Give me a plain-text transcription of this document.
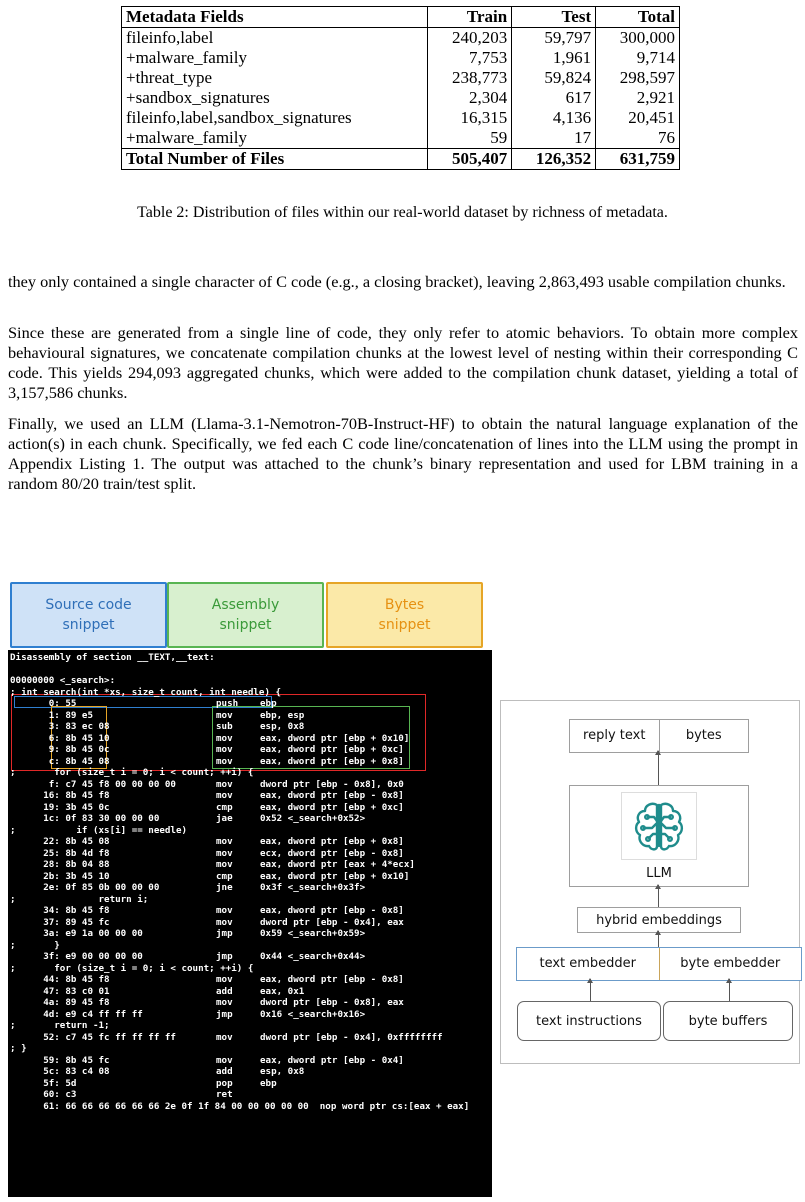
Metadata Fields	Train	Test	Total
fileinfo,label	240,203	59,797	300,000
+malware_family	7,753	1,961	9,714
+threat_type	238,773	59,824	298,597
+sandbox_signatures	2,304	617	2,921
fileinfo,label,sandbox_signatures	16,315	4,136	20,451
+malware_family	59	17	76
Total Number of Files	505,407	126,352	631,759
Table 2: Distribution of files within our real-world dataset by richness of metadata.

they only contained a single character of C code (e.g., a closing bracket), leaving 2,863,493 usable compilation chunks.

Since these are generated from a single line of code, they only refer to atomic behaviors. To obtain more complex behavioural signatures, we concatenate compilation chunks at the lowest level of nesting within their corresponding C code. This yields 294,093 aggregated chunks, which were added to the compilation chunk dataset, yielding a total of 3,157,586 chunks.

Finally, we used an LLM (Llama-3.1-Nemotron-70B-Instruct-HF) to obtain the natural language explanation of the action(s) in each chunk. Specifically, we fed each C code line/concatenation of lines into the LLM using the prompt in Appendix Listing 1. The output was attached to the chunk’s binary representation and used for LBM training in a random 80/20 train/test split.

Source code
snippet
Assembly
snippet
Bytes
snippet
Disassembly of section __TEXT,__text:
00000000 <_search>:
; int search(int *xs, size_t count, int needle) {
0: 55	push ebp
1: 89 e5	mov	ebp, esp
3: 83 ec 08	sub	esp, 0x8
6: 8b 45 10	mov	eax, dword ptr [ebp + 0x10]
9: 8b 45 0c	mov	eax, dword ptr [ebp + 0xc]
c: 8b 45 08	mov	eax, dword ptr [ebp + 0x8]
;       for (size_t i = 0; i < count; ++i) {
f: c7 45 f8 00 00 00 00	mov	dword ptr [ebp - 0x8], 0x0
16: 8b 45 f8	mov	eax, dword ptr [ebp - 0x8]
19: 3b 45 0c	cmp	eax, dword ptr [ebp + 0xc]
1c: 0f 83 30 00 00 00	jae	0x52 <_search+0x52>
;           if (xs[i] == needle)
22: 8b 45 08	mov	eax, dword ptr [ebp + 0x8]
25: 8b 4d f8	mov	ecx, dword ptr [ebp - 0x8]
28: 8b 04 88	mov	eax, dword ptr [eax + 4*ecx]
2b: 3b 45 10	cmp	eax, dword ptr [ebp + 0x10]
2e: 0f 85 0b 00 00 00	jne	0x3f <_search+0x3f>
;               return i;
34: 8b 45 f8	mov	eax, dword ptr [ebp - 0x8]
37: 89 45 fc	mov	dword ptr [ebp - 0x4], eax
3a: e9 1a 00 00 00	jmp	0x59 <_search+0x59>
;       }
3f: e9 00 00 00 00	jmp	0x44 <_search+0x44>
;       for (size_t i = 0; i < count; ++i) {
44: 8b 45 f8	mov	eax, dword ptr [ebp - 0x8]
47: 83 c0 01	add	eax, 0x1
4a: 89 45 f8	mov	dword ptr [ebp - 0x8], eax
4d: e9 c4 ff ff ff	jmp	0x16 <_search+0x16>
;       return -1;
52: c7 45 fc ff ff ff ff	mov	dword ptr [ebp - 0x4], 0xffffffff
; }
59: 8b 45 fc	mov	eax, dword ptr [ebp - 0x4]
5c: 83 c4 08	add	esp, 0x8
5f: 5d	pop	ebp
60: c3	ret
61: 66 66 66 66 66 66 2e 0f 1f 84 00 00 00 00 00  nop word ptr cs:[eax + eax]
reply text	bytes
LLM
hybrid embeddings
text embedder	byte embedder
text instructions	byte buffers
